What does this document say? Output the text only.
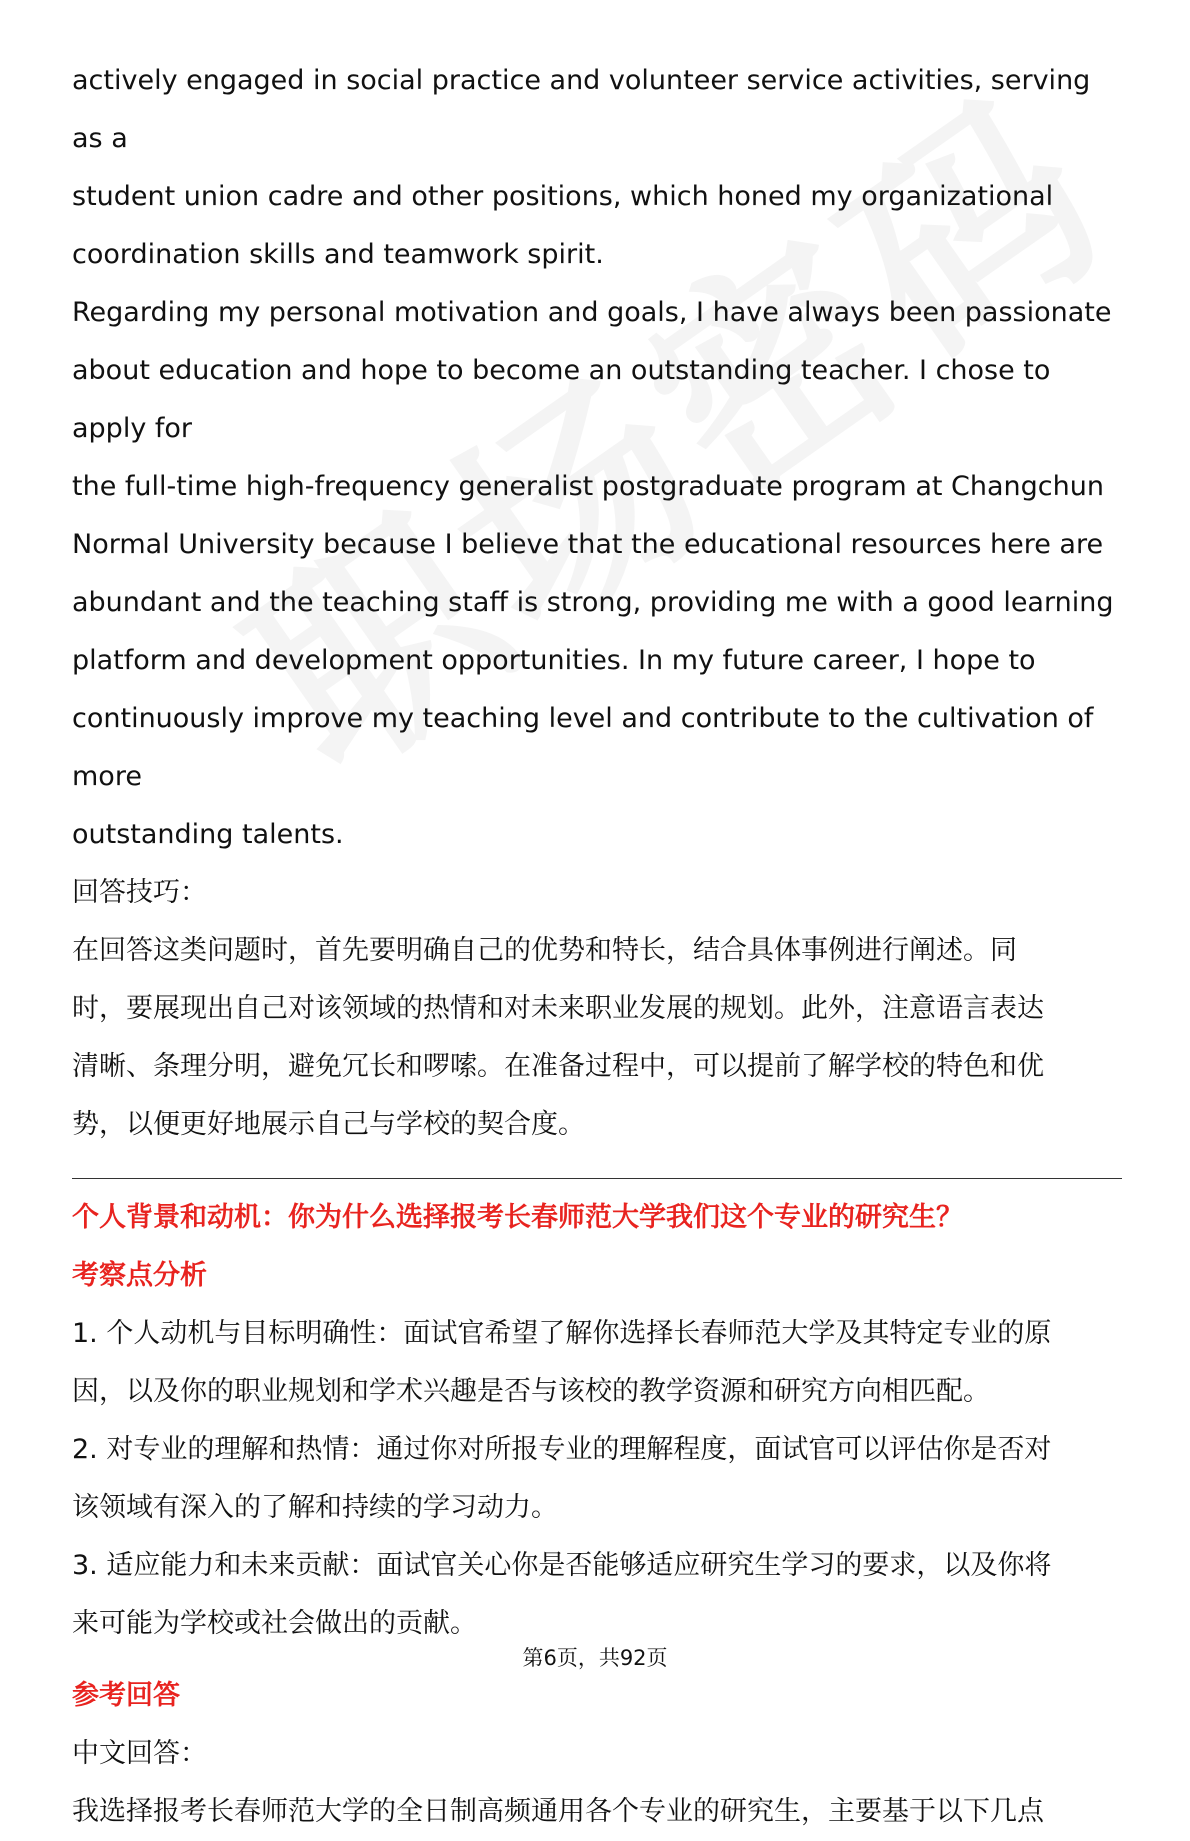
actively engaged in social practice and volunteer service activities, serving as a

student union cadre and other positions, which honed my organizational

coordination skills and teamwork spirit.

Regarding my personal motivation and goals, I have always been passionate

about education and hope to become an outstanding teacher. I chose to apply for

the full-time high-frequency generalist postgraduate program at Changchun

Normal University because I believe that the educational resources here are

abundant and the teaching staff is strong, providing me with a good learning

platform and development opportunities. In my future career, I hope to

continuously improve my teaching level and contribute to the cultivation of more

outstanding talents.

回答技巧：

在回答这类问题时，首先要明确自己的优势和特长，结合具体事例进行阐述。同

时，要展现出自己对该领域的热情和对未来职业发展的规划。此外，注意语言表达

清晰、条理分明，避免冗长和啰嗦。在准备过程中，可以提前了解学校的特色和优

势，以便更好地展示自己与学校的契合度。

个人背景和动机：你为什么选择报考长春师范大学我们这个专业的研究生？

考察点分析

1. 个人动机与目标明确性：面试官希望了解你选择长春师范大学及其特定专业的原

因，以及你的职业规划和学术兴趣是否与该校的教学资源和研究方向相匹配。

2. 对专业的理解和热情：通过你对所报专业的理解程度，面试官可以评估你是否对

该领域有深入的了解和持续的学习动力。

3. 适应能力和未来贡献：面试官关心你是否能够适应研究生学习的要求，以及你将

来可能为学校或社会做出的贡献。

参考回答

中文回答：

我选择报考长春师范大学的全日制高频通用各个专业的研究生，主要基于以下几点

第6页，共92页
